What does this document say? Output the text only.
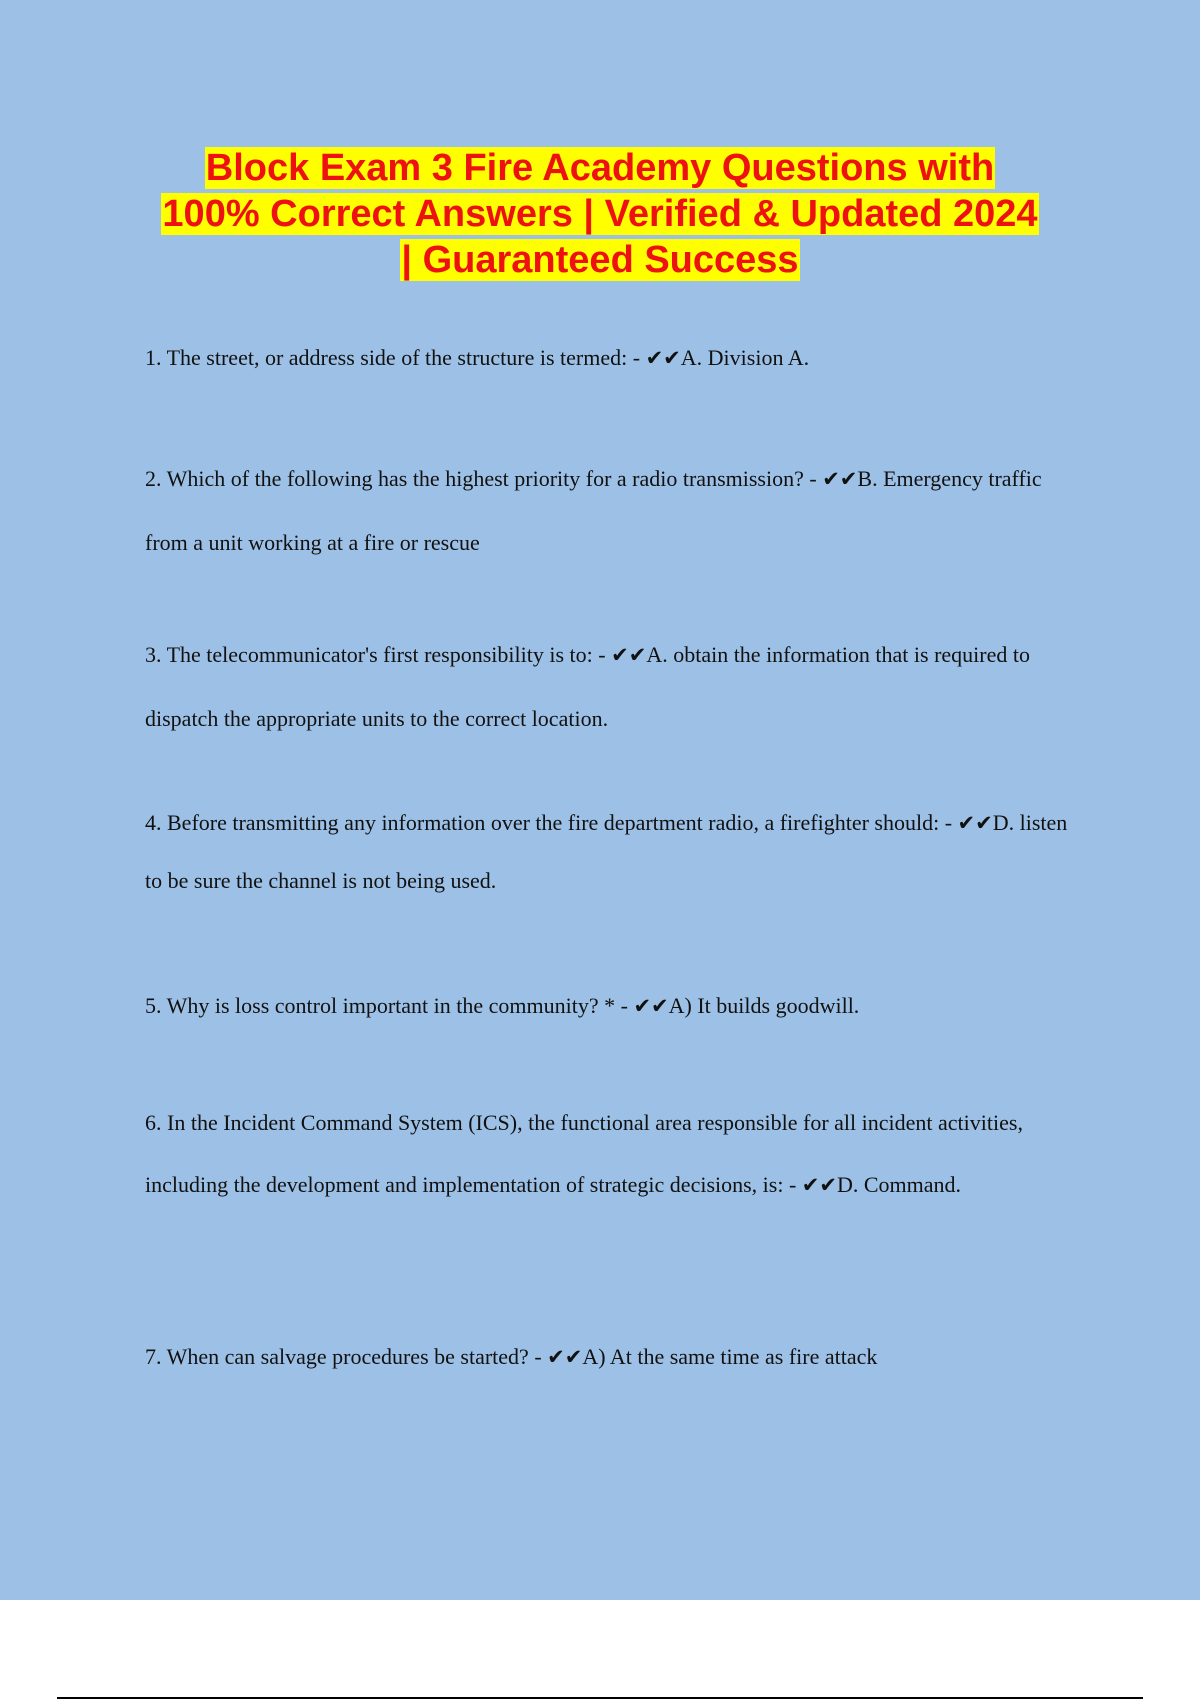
Block Exam 3 Fire Academy Questions with
100% Correct Answers | Verified & Updated 2024
| Guaranteed Success
1. The street, or address side of the structure is termed: - ✔✔A. Division A.
2. Which of the following has the highest priority for a radio transmission? - ✔✔B. Emergency traffic from a unit working at a fire or rescue
3. The telecommunicator's first responsibility is to: - ✔✔A. obtain the information that is required to dispatch the appropriate units to the correct location.
4. Before transmitting any information over the fire department radio, a firefighter should: - ✔✔D. listen to be sure the channel is not being used.
5. Why is loss control important in the community? * - ✔✔A) It builds goodwill.
6. In the Incident Command System (ICS), the functional area responsible for all incident activities, including the development and implementation of strategic decisions, is: - ✔✔D. Command.
7. When can salvage procedures be started? - ✔✔A) At the same time as fire attack
